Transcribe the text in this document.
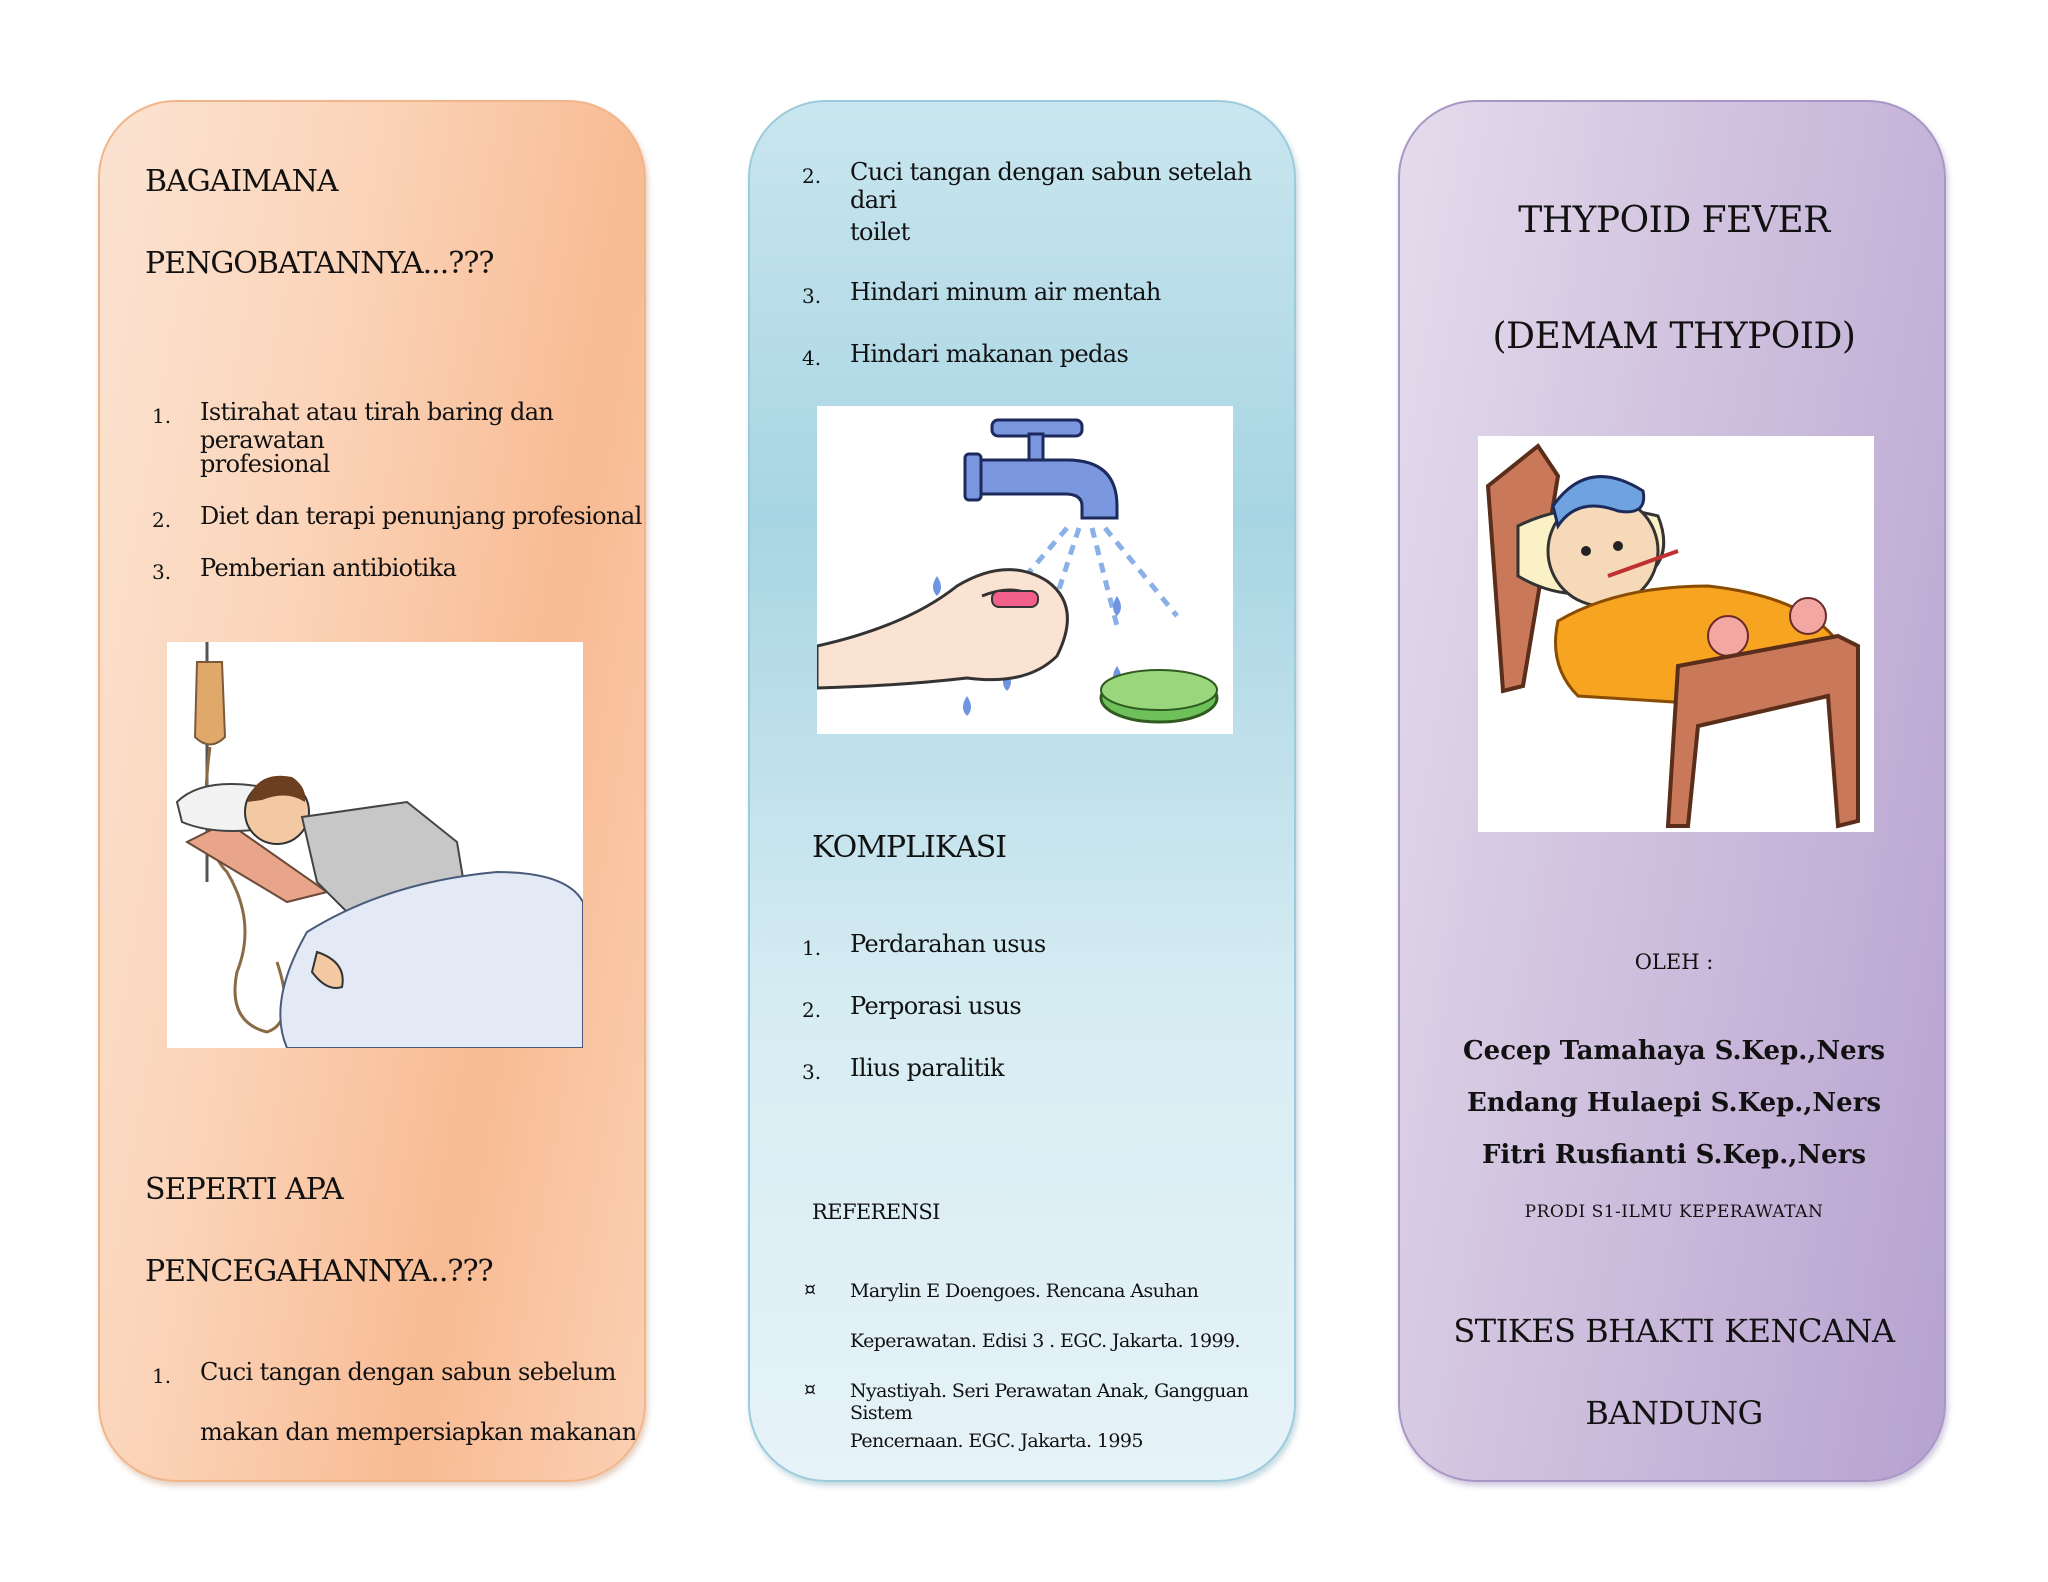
BAGAIMANA

PENGOBATANNYA...???

1. Istirahat atau tirah baring dan perawatan
profesional
2. Diet dan terapi penunjang profesional
3. Pemberian antibiotika

SEPERTI APA

PENCEGAHANNYA..???

1. Cuci tangan dengan sabun sebelum
makan dan mempersiapkan makanan
2. Cuci tangan dengan sabun setelah dari
toilet
3. Hindari minum air mentah
4. Hindari makanan pedas

KOMPLIKASI

1. Perdarahan usus
2. Perporasi usus
3. Ilius paralitik

REFERENSI

¤ Marylin E Doengoes. Rencana Asuhan
Keperawatan. Edisi 3 . EGC. Jakarta. 1999.
¤ Nyastiyah. Seri Perawatan Anak, Gangguan Sistem
Pencernaan. EGC. Jakarta. 1995

THYPOID FEVER

(DEMAM THYPOID)

OLEH :

Cecep Tamahaya S.Kep.,Ners

Endang Hulaepi S.Kep.,Ners

Fitri Rusfianti S.Kep.,Ners

PRODI S1-ILMU KEPERAWATAN

STIKES BHAKTI KENCANA

BANDUNG
